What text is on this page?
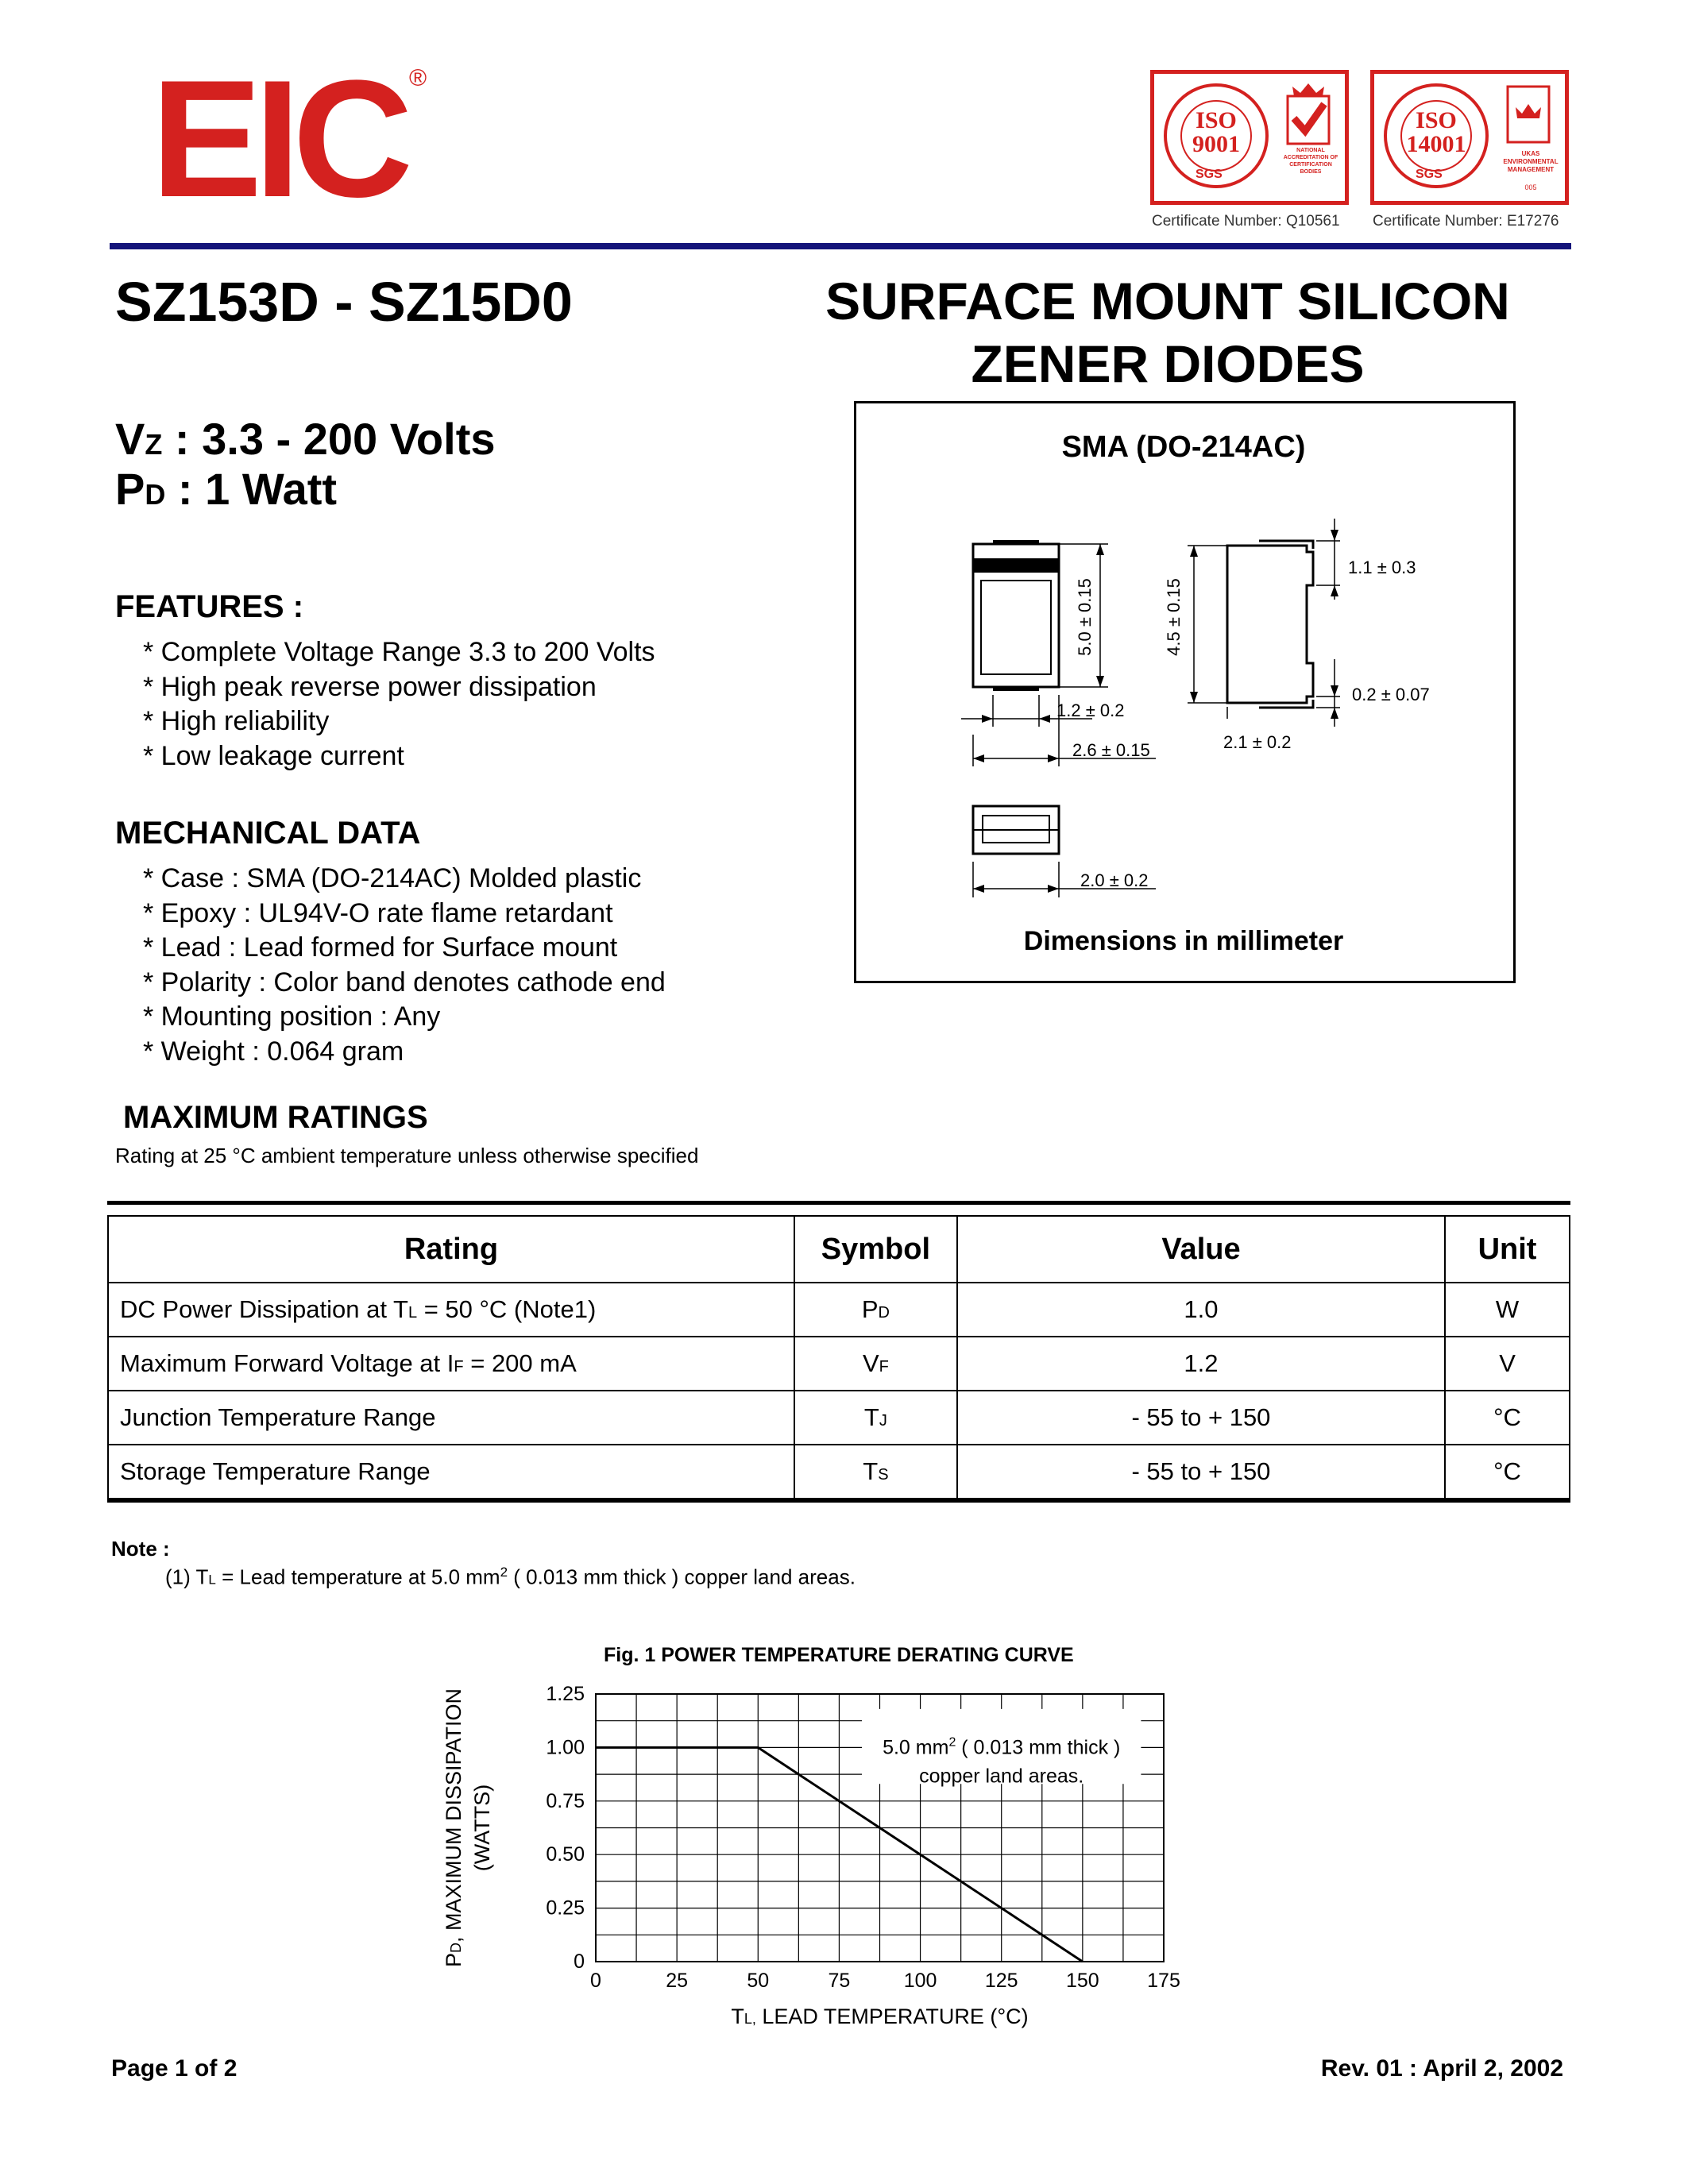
EIC ®
ISO
9001
SGS
NATIONAL ACCREDITATION OF CERTIFICATION BODIES
Certificate Number: Q10561
ISO
14001
SGS
UKAS ENVIRONMENTAL MANAGEMENT
005
Certificate Number: E17276
SZ153D - SZ15D0	SURFACE MOUNT SILICON
ZENER DIODES
VZ : 3.3 - 200 Volts
PD : 1 Watt
FEATURES :
* Complete Voltage Range 3.3 to 200 Volts
* High peak reverse power dissipation
* High reliability
* Low leakage current
MECHANICAL DATA
* Case : SMA (DO-214AC) Molded plastic
* Epoxy : UL94V-O rate flame retardant
* Lead : Lead formed for Surface mount
* Polarity : Color band denotes cathode end
* Mounting position : Any
* Weight : 0.064 gram
SMA (DO-214AC)
5.0 ± 0.15	4.5 ± 0.15
1.1 ± 0.3
0.2 ± 0.07
1.2 ± 0.2
2.6 ± 0.15	2.1 ± 0.2
2.0 ± 0.2
Dimensions in millimeter
MAXIMUM RATINGS
Rating at 25 °C ambient temperature unless otherwise specified
Rating	Symbol	Value	Unit
DC Power Dissipation at TL = 50 °C (Note1)	PD	1.0	W
Maximum Forward Voltage at IF = 200 mA	VF	1.2	V
Junction Temperature Range	TJ	- 55 to + 150	°C
Storage Temperature Range	TS	- 55 to + 150	°C
Note :
(1) TL = Lead temperature at 5.0 $mm^2$ ( 0.013 mm thick ) copper land areas.
Fig. 1 POWER TEMPERATURE DERATING CURVE
0	25	50	75	100 125 150 175
0
0.25
0.50
0.75
1.00
1.25
5.0 $mm^2$ ( 0.013 mm thick )
copper land areas.
TL, LEAD TEMPERATURE (°C)
PD, MAXIMUM DISSIPATION (WATTS)
Page 1 of 2	Rev. 01 : April 2, 2002
